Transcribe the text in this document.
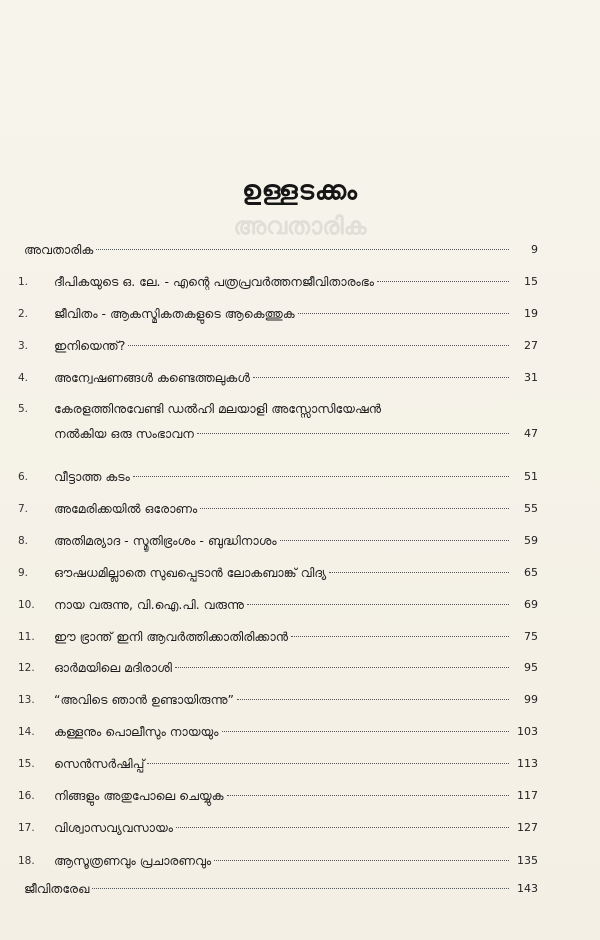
അവതാരിക
ഉള്ളടക്കം
അവതാരിക	9
1.	ദീപികയുടെ ഒ. ലേ. - എന്റെ പത്രപ്രവർത്തനജീവിതാരംഭം	15
2.	ജീവിതം - ആകസ്മികതകളുടെ ആകെത്തുക	19
3.	ഇനിയെന്ത്?	27
4.	അന്വേഷണങ്ങൾ കണ്ടെത്തലുകൾ	31
5.	കേരളത്തിനുവേണ്ടി ഡൽഹി മലയാളി അസ്സോസിയേഷൻ
നൽകിയ ഒരു സംഭാവന	47
6.	വീട്ടാത്ത കടം	51
7.	അമേരിക്കയിൽ ഒരോണം	55
8.	അതിമര്യാദ - സ്മൃതിഭ്രംശം - ബുദ്ധിനാശം	59
9.	ഔഷധമില്ലാതെ സുഖപ്പെടാൻ ലോകബാങ്ക് വിദ്യ	65
10.	നായ വരുന്നു, വി.ഐ.പി. വരുന്നു	69
11.	ഈ ഭ്രാന്ത് ഇനി ആവർത്തിക്കാതിരിക്കാൻ	75
12.	ഓർമയിലെ മദിരാശി	95
13.	“അവിടെ ഞാൻ ഉണ്ടായിരുന്നു”	99
14.	കള്ളനും പൊലീസും നായയും	103
15.	സെൻസർഷിപ്പ്	113
16.	നിങ്ങളും അതുപോലെ ചെയ്യുക	117
17.	വിശ്വാസവ്യവസായം	127
18.	ആസൂത്രണവും പ്രചാരണവും	135
ജീവിതരേഖ	143
